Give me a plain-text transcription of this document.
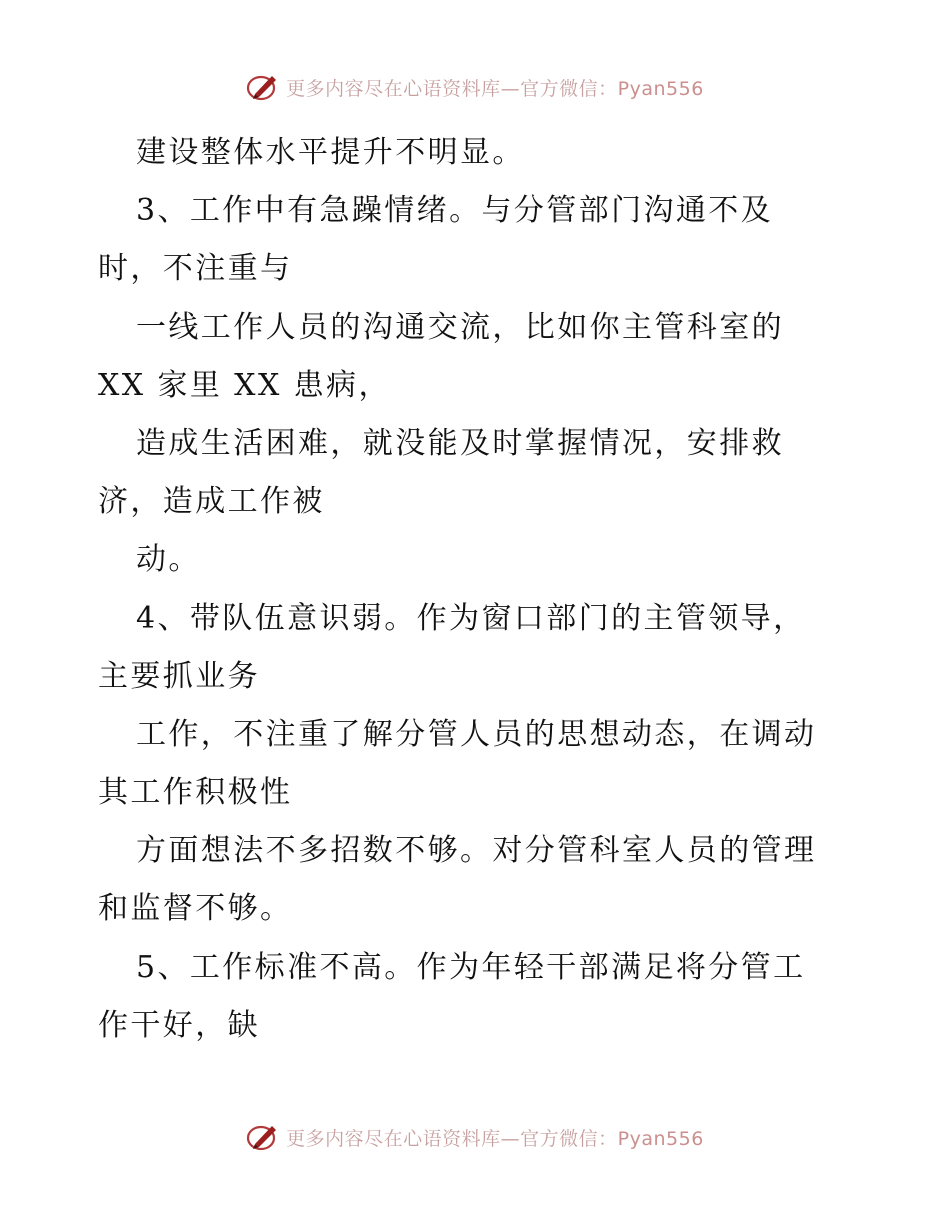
更多内容尽在心语资料库—官方微信：Pyan556
建设整体水平提升不明显。
3、工作中有急躁情绪。与分管部门沟通不及
时，不注重与
一线工作人员的沟通交流，比如你主管科室的
XX 家里 XX 患病，
造成生活困难，就没能及时掌握情况，安排救
济，造成工作被
动。
4、带队伍意识弱。作为窗口部门的主管领导，
主要抓业务
工作，不注重了解分管人员的思想动态，在调动
其工作积极性
方面想法不多招数不够。对分管科室人员的管理
和监督不够。
5、工作标准不高。作为年轻干部满足将分管工
作干好，缺
更多内容尽在心语资料库—官方微信：Pyan556
